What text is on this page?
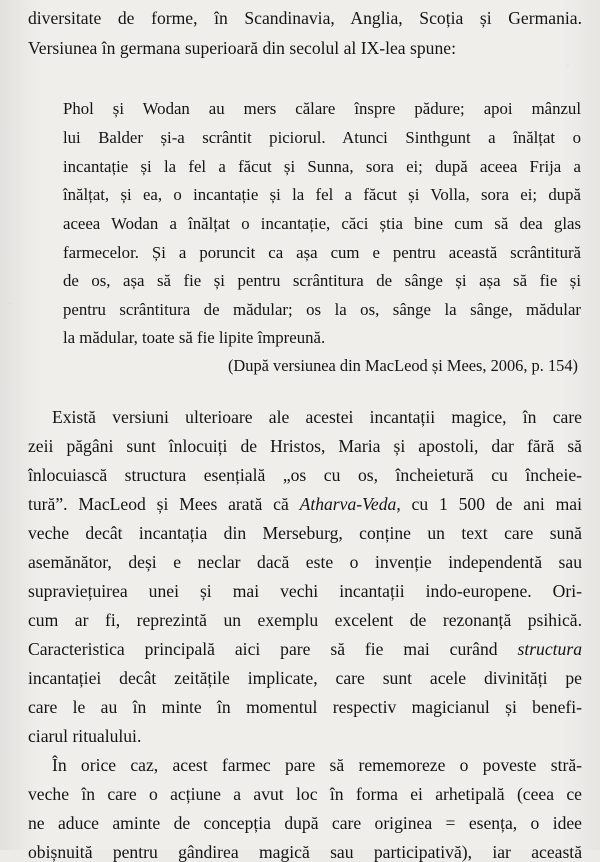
·
·
diversitate de forme, în Scandinavia, Anglia, Scoția și Germania.
Versiunea în germana superioară din secolul al IX-lea spune:
Phol și Wodan au mers călare înspre pădure; apoi mânzul
lui Balder și-a scrântit piciorul. Atunci Sinthgunt a înălțat o
incantație și la fel a făcut și Sunna, sora ei; după aceea Frija a
înălțat, și ea, o incantație și la fel a făcut și Volla, sora ei; după
aceea Wodan a înălțat o incantație, căci știa bine cum să dea glas
farmecelor. Și a poruncit ca așa cum e pentru această scrântitură
de os, așa să fie și pentru scrântitura de sânge și așa să fie și
pentru scrântitura de mădular; os la os, sânge la sânge, mădular
la mădular, toate să fie lipite împreună.
(După versiunea din MacLeod și Mees, 2006, p. 154)
Există versiuni ulterioare ale acestei incantații magice, în care
zeii păgâni sunt înlocuiți de Hristos, Maria și apostoli, dar fără să
înlocuiască structura esențială „os cu os, încheietură cu încheie-
tură”. MacLeod și Mees arată că Atharva-Veda, cu 1 500 de ani mai
veche decât incantația din Merseburg, conține un text care sună
asemănător, deși e neclar dacă este o invenție independentă sau
supraviețuirea unei și mai vechi incantații indo-europene. Ori-
cum ar fi, reprezintă un exemplu excelent de rezonanță psihică.
Caracteristica principală aici pare să fie mai curând structura
incantației decât zeitățile implicate, care sunt acele divinități pe
care le au în minte în momentul respectiv magicianul și benefi-
ciarul ritualului.
În orice caz, acest farmec pare să rememoreze o poveste stră-
veche în care o acțiune a avut loc în forma ei arhetipală (ceea ce
ne aduce aminte de concepția după care originea = esența, o idee
obișnuită pentru gândirea magică sau participativă), iar această
